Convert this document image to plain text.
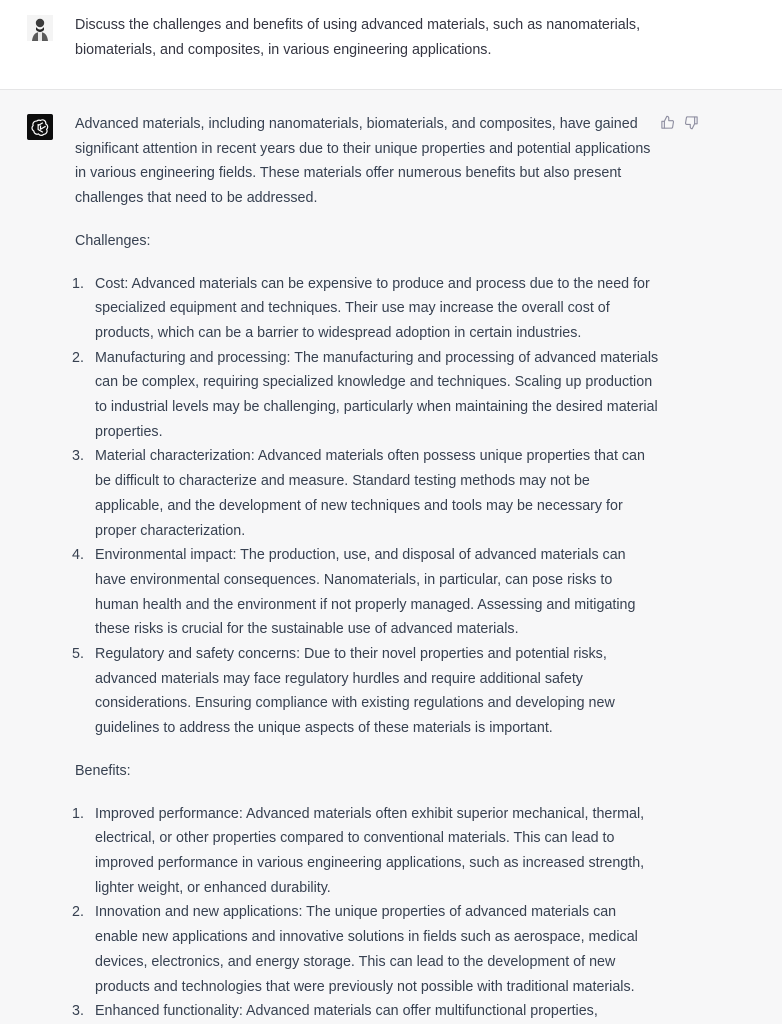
Discuss the challenges and benefits of using advanced materials, such as nanomaterials, biomaterials, and composites, in various engineering applications.

Advanced materials, including nanomaterials, biomaterials, and composites, have gained significant attention in recent years due to their unique properties and potential applications in various engineering fields. These materials offer numerous benefits but also present challenges that need to be addressed.

Challenges:

1. Cost: Advanced materials can be expensive to produce and process due to the need for specialized equipment and techniques. Their use may increase the overall cost of products, which can be a barrier to widespread adoption in certain industries.
2. Manufacturing and processing: The manufacturing and processing of advanced materials can be complex, requiring specialized knowledge and techniques. Scaling up production to industrial levels may be challenging, particularly when maintaining the desired material properties.
3. Material characterization: Advanced materials often possess unique properties that can be difficult to characterize and measure. Standard testing methods may not be applicable, and the development of new techniques and tools may be necessary for proper characterization.
4. Environmental impact: The production, use, and disposal of advanced materials can have environmental consequences. Nanomaterials, in particular, can pose risks to human health and the environment if not properly managed. Assessing and mitigating these risks is crucial for the sustainable use of advanced materials.
5. Regulatory and safety concerns: Due to their novel properties and potential risks, advanced materials may face regulatory hurdles and require additional safety considerations. Ensuring compliance with existing regulations and developing new guidelines to address the unique aspects of these materials is important.

Benefits:

1. Improved performance: Advanced materials often exhibit superior mechanical, thermal, electrical, or other properties compared to conventional materials. This can lead to improved performance in various engineering applications, such as increased strength, lighter weight, or enhanced durability.
2. Innovation and new applications: The unique properties of advanced materials can enable new applications and innovative solutions in fields such as aerospace, medical devices, electronics, and energy storage. This can lead to the development of new products and technologies that were previously not possible with traditional materials.
3. Enhanced functionality: Advanced materials can offer multifunctional properties,
